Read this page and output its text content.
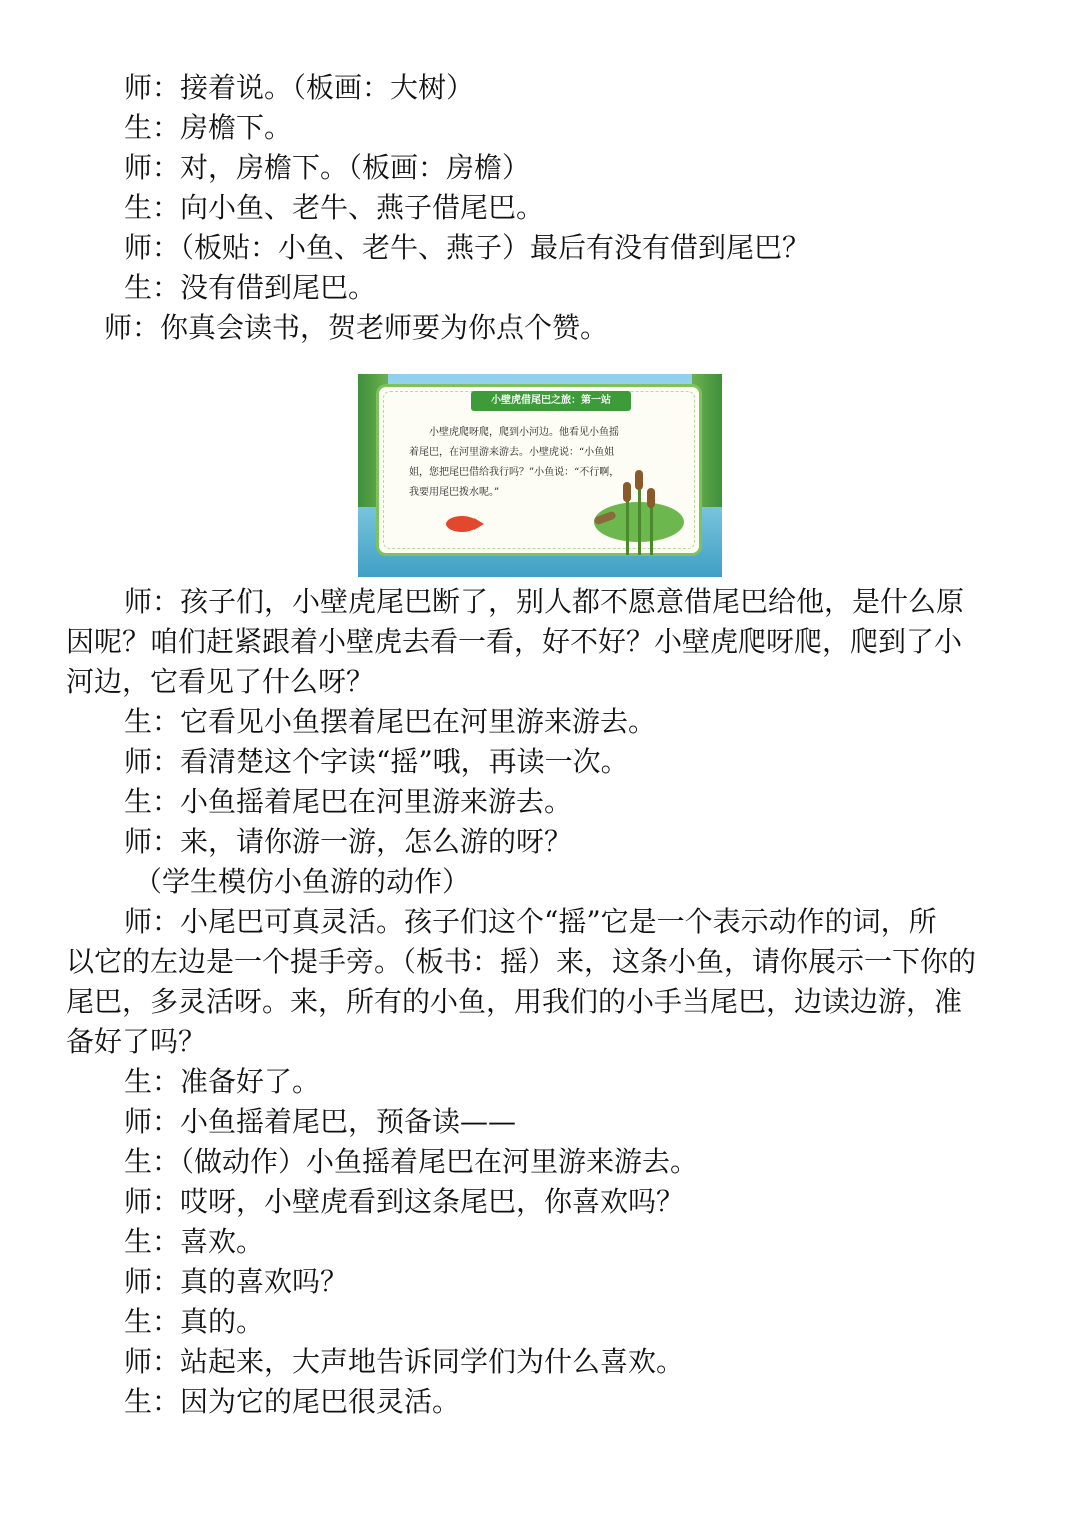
师：接着说。（板画：大树）
生：房檐下。
师：对，房檐下。（板画：房檐）
生：向小鱼、老牛、燕子借尾巴。
师：（板贴：小鱼、老牛、燕子）最后有没有借到尾巴？
生：没有借到尾巴。
师：你真会读书，贺老师要为你点个赞。
小壁虎借尾巴之旅：第一站
小壁虎爬呀爬，爬到小河边。他看见小鱼摇
着尾巴，在河里游来游去。小壁虎说：“小鱼姐
姐，您把尾巴借给我行吗？”小鱼说：“不行啊，
我要用尾巴拨水呢。”
师：孩子们，小壁虎尾巴断了，别人都不愿意借尾巴给他，是什么原
因呢？咱们赶紧跟着小壁虎去看一看，好不好？小壁虎爬呀爬，爬到了小
河边，它看见了什么呀？
生：它看见小鱼摆着尾巴在河里游来游去。
师：看清楚这个字读“摇”哦，再读一次。
生：小鱼摇着尾巴在河里游来游去。
师：来，请你游一游，怎么游的呀？
（学生模仿小鱼游的动作）
师：小尾巴可真灵活。孩子们这个“摇”它是一个表示动作的词，所
以它的左边是一个提手旁。（板书：摇）来，这条小鱼，请你展示一下你的
尾巴，多灵活呀。来，所有的小鱼，用我们的小手当尾巴，边读边游，准
备好了吗？
生：准备好了。
师：小鱼摇着尾巴，预备读——
生：（做动作）小鱼摇着尾巴在河里游来游去。
师：哎呀，小壁虎看到这条尾巴，你喜欢吗？
生：喜欢。
师：真的喜欢吗？
生：真的。
师：站起来，大声地告诉同学们为什么喜欢。
生：因为它的尾巴很灵活。
